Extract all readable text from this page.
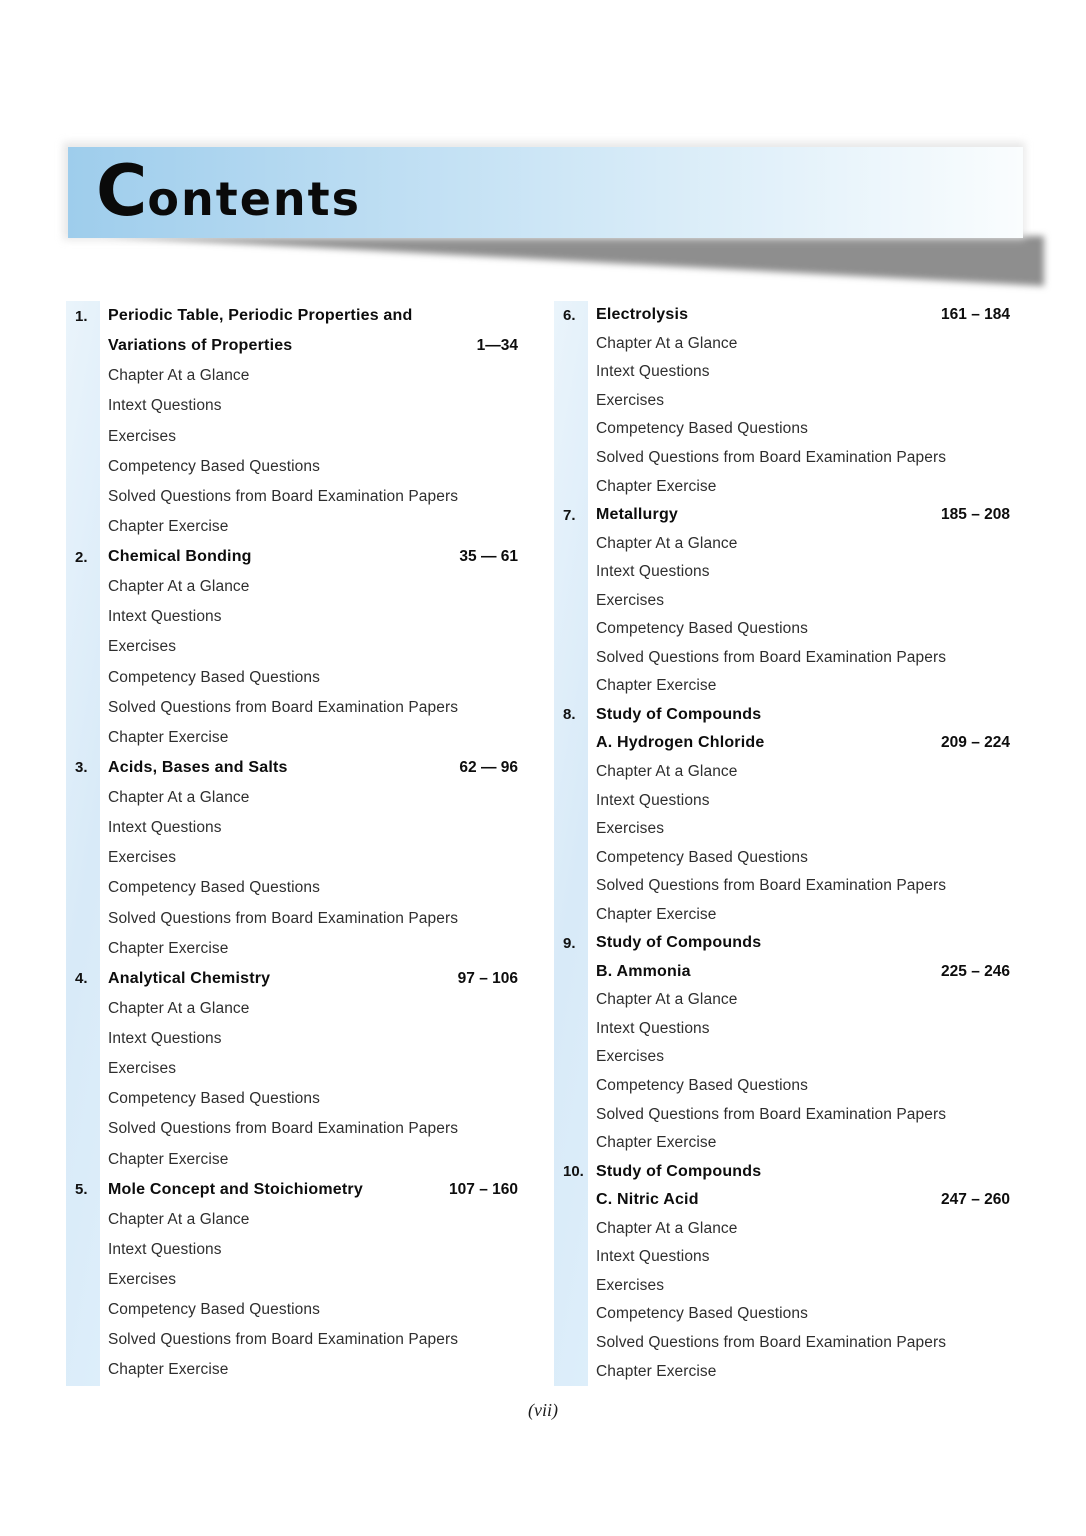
Contents
1.	Periodic Table, Periodic Properties and
Variations of Properties	1—34
Chapter At a Glance
Intext Questions
Exercises
Competency Based Questions
Solved Questions from Board Examination Papers
Chapter Exercise
2.	Chemical Bonding	35 — 61
Chapter At a Glance
Intext Questions
Exercises
Competency Based Questions
Solved Questions from Board Examination Papers
Chapter Exercise
3.	Acids, Bases and Salts	62 — 96
Chapter At a Glance
Intext Questions
Exercises
Competency Based Questions
Solved Questions from Board Examination Papers
Chapter Exercise
4.	Analytical Chemistry	97 – 106
Chapter At a Glance
Intext Questions
Exercises
Competency Based Questions
Solved Questions from Board Examination Papers
Chapter Exercise
5.	Mole Concept and Stoichiometry	107 – 160
Chapter At a Glance
Intext Questions
Exercises
Competency Based Questions
Solved Questions from Board Examination Papers
Chapter Exercise
6.	Electrolysis	161 – 184
Chapter At a Glance
Intext Questions
Exercises
Competency Based Questions
Solved Questions from Board Examination Papers
Chapter Exercise
7.	Metallurgy	185 – 208
Chapter At a Glance
Intext Questions
Exercises
Competency Based Questions
Solved Questions from Board Examination Papers
Chapter Exercise
8.	Study of Compounds
A. Hydrogen Chloride	209 – 224
Chapter At a Glance
Intext Questions
Exercises
Competency Based Questions
Solved Questions from Board Examination Papers
Chapter Exercise
9.	Study of Compounds
B. Ammonia	225 – 246
Chapter At a Glance
Intext Questions
Exercises
Competency Based Questions
Solved Questions from Board Examination Papers
Chapter Exercise
10. Study of Compounds
C. Nitric Acid	247 – 260
Chapter At a Glance
Intext Questions
Exercises
Competency Based Questions
Solved Questions from Board Examination Papers
Chapter Exercise
(vii)
